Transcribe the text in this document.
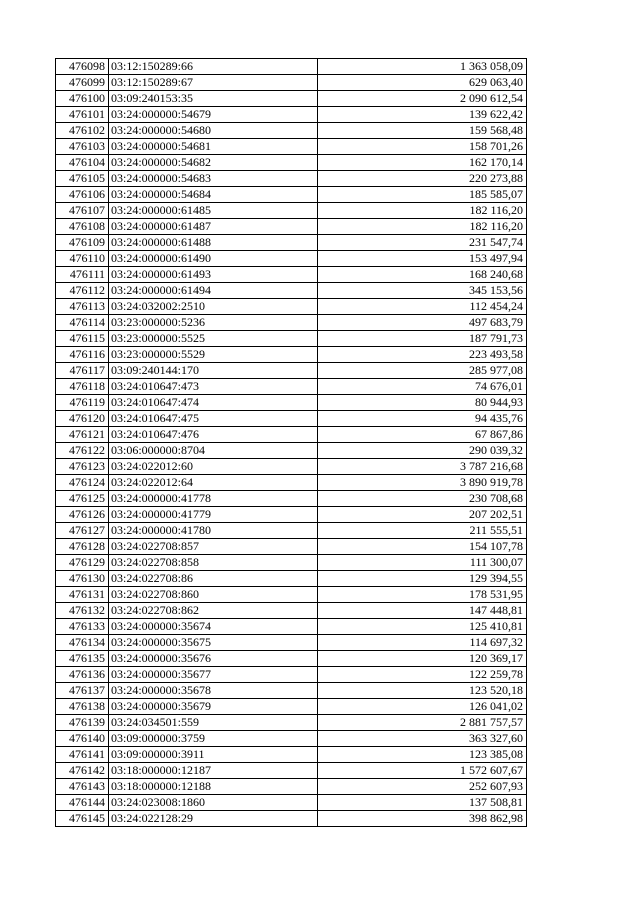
476098	03:12:150289:66	1 363 058,09
476099	03:12:150289:67	629 063,40
476100	03:09:240153:35	2 090 612,54
476101	03:24:000000:54679	139 622,42
476102	03:24:000000:54680	159 568,48
476103	03:24:000000:54681	158 701,26
476104	03:24:000000:54682	162 170,14
476105	03:24:000000:54683	220 273,88
476106	03:24:000000:54684	185 585,07
476107	03:24:000000:61485	182 116,20
476108	03:24:000000:61487	182 116,20
476109	03:24:000000:61488	231 547,74
476110	03:24:000000:61490	153 497,94
476111	03:24:000000:61493	168 240,68
476112	03:24:000000:61494	345 153,56
476113	03:24:032002:2510	112 454,24
476114	03:23:000000:5236	497 683,79
476115	03:23:000000:5525	187 791,73
476116	03:23:000000:5529	223 493,58
476117	03:09:240144:170	285 977,08
476118	03:24:010647:473	74 676,01
476119	03:24:010647:474	80 944,93
476120	03:24:010647:475	94 435,76
476121	03:24:010647:476	67 867,86
476122	03:06:000000:8704	290 039,32
476123	03:24:022012:60	3 787 216,68
476124	03:24:022012:64	3 890 919,78
476125	03:24:000000:41778	230 708,68
476126	03:24:000000:41779	207 202,51
476127	03:24:000000:41780	211 555,51
476128	03:24:022708:857	154 107,78
476129	03:24:022708:858	111 300,07
476130	03:24:022708:86	129 394,55
476131	03:24:022708:860	178 531,95
476132	03:24:022708:862	147 448,81
476133	03:24:000000:35674	125 410,81
476134	03:24:000000:35675	114 697,32
476135	03:24:000000:35676	120 369,17
476136	03:24:000000:35677	122 259,78
476137	03:24:000000:35678	123 520,18
476138	03:24:000000:35679	126 041,02
476139	03:24:034501:559	2 881 757,57
476140	03:09:000000:3759	363 327,60
476141	03:09:000000:3911	123 385,08
476142	03:18:000000:12187	1 572 607,67
476143	03:18:000000:12188	252 607,93
476144	03:24:023008:1860	137 508,81
476145	03:24:022128:29	398 862,98
